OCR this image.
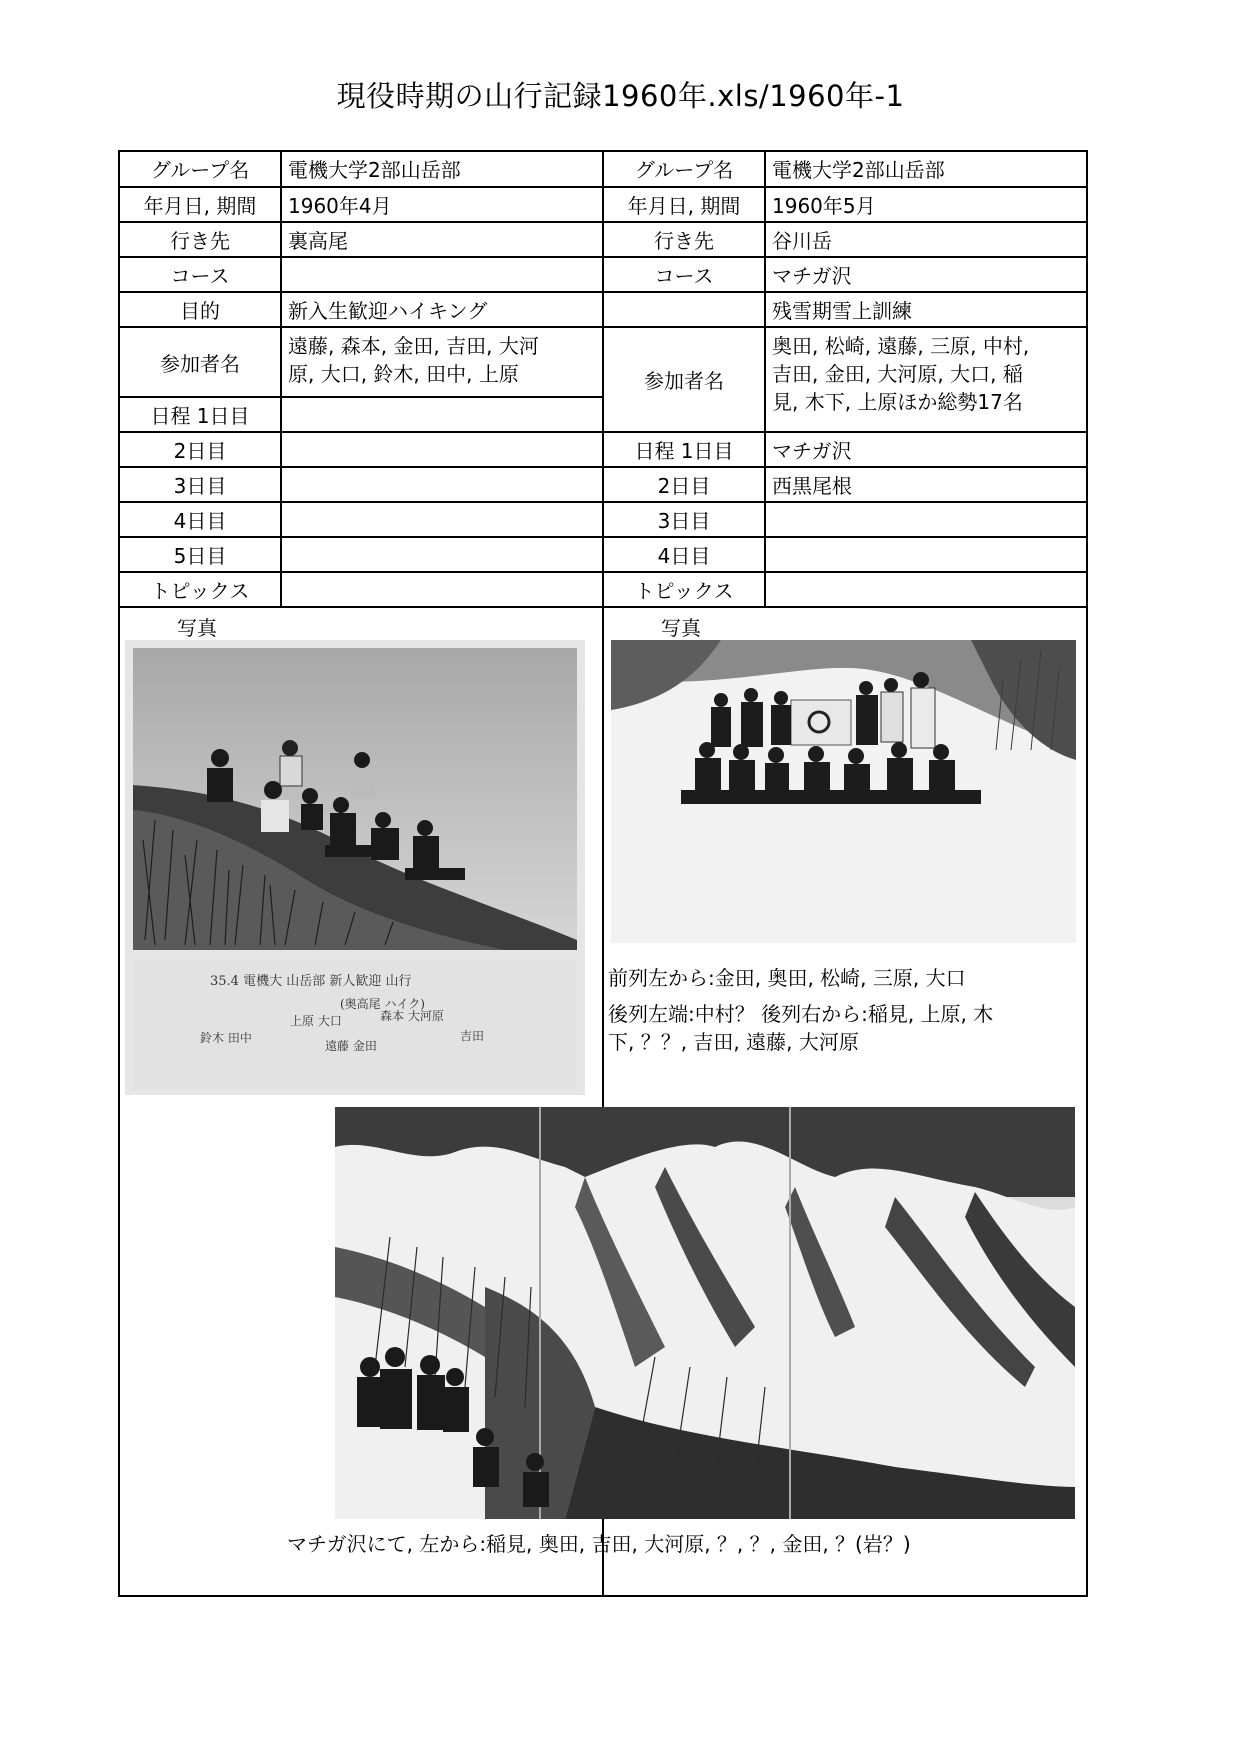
現役時期の山行記録1960年.xls/1960年-1
グループ名
年月日, 期間
行き先
コース
目的
参加者名
日程 1日目
2日目
3日目
4日目
5日目
トピックス
電機大学2部山岳部
1960年4月
裏高尾
新入生歓迎ハイキング
遠藤, 森本, 金田, 吉田, 大河
原, 大口, 鈴木, 田中, 上原
グループ名
年月日, 期間
行き先
コース
参加者名
日程 1日目
2日目
3日目
4日目
トピックス
電機大学2部山岳部
1960年5月
谷川岳
マチガ沢
残雪期雪上訓練
奥田, 松崎, 遠藤, 三原, 中村,
吉田, 金田, 大河原, 大口, 稲
見, 木下, 上原ほか総勢17名
マチガ沢
西黒尾根
写真	写真
35.4 電機大 山岳部 新人歓迎 山行
(奥高尾 ハイク)
鈴木 田中
上原 大口
遠藤 金田
森本 大河原
吉田
前列左から:金田, 奥田, 松崎, 三原, 大口
後列左端:中村？ 後列右から:稲見, 上原, 木
下, ？？, 吉田, 遠藤, 大河原
マチガ沢にて, 左から:稲見, 奥田, 吉田, 大河原, ？, ？, 金田, ？(岩？)
